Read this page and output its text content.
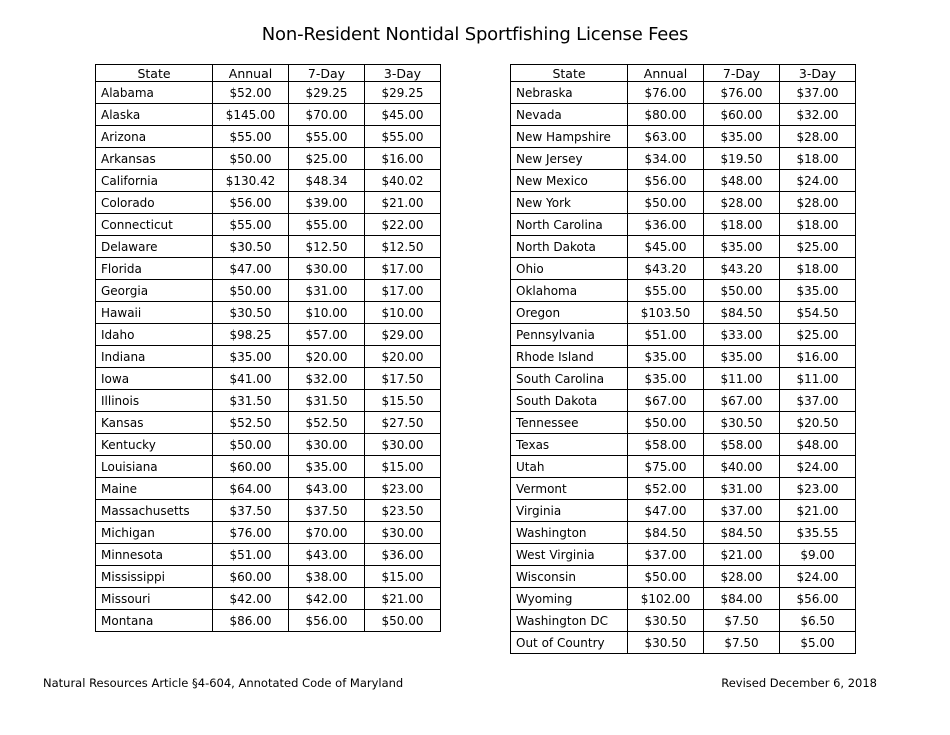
Non-Resident Nontidal Sportfishing License Fees
State	Annual	7-Day	3-Day
Alabama	$52.00	$29.25	$29.25
Alaska	$145.00	$70.00	$45.00
Arizona	$55.00	$55.00	$55.00
Arkansas	$50.00	$25.00	$16.00
California	$130.42	$48.34	$40.02
Colorado	$56.00	$39.00	$21.00
Connecticut	$55.00	$55.00	$22.00
Delaware	$30.50	$12.50	$12.50
Florida	$47.00	$30.00	$17.00
Georgia	$50.00	$31.00	$17.00
Hawaii	$30.50	$10.00	$10.00
Idaho	$98.25	$57.00	$29.00
Indiana	$35.00	$20.00	$20.00
Iowa	$41.00	$32.00	$17.50
Illinois	$31.50	$31.50	$15.50
Kansas	$52.50	$52.50	$27.50
Kentucky	$50.00	$30.00	$30.00
Louisiana	$60.00	$35.00	$15.00
Maine	$64.00	$43.00	$23.00
Massachusetts	$37.50	$37.50	$23.50
Michigan	$76.00	$70.00	$30.00
Minnesota	$51.00	$43.00	$36.00
Mississippi	$60.00	$38.00	$15.00
Missouri	$42.00	$42.00	$21.00
Montana	$86.00	$56.00	$50.00
State	Annual	7-Day	3-Day
Nebraska	$76.00	$76.00	$37.00
Nevada	$80.00	$60.00	$32.00
New Hampshire	$63.00	$35.00	$28.00
New Jersey	$34.00	$19.50	$18.00
New Mexico	$56.00	$48.00	$24.00
New York	$50.00	$28.00	$28.00
North Carolina	$36.00	$18.00	$18.00
North Dakota	$45.00	$35.00	$25.00
Ohio	$43.20	$43.20	$18.00
Oklahoma	$55.00	$50.00	$35.00
Oregon	$103.50	$84.50	$54.50
Pennsylvania	$51.00	$33.00	$25.00
Rhode Island	$35.00	$35.00	$16.00
South Carolina	$35.00	$11.00	$11.00
South Dakota	$67.00	$67.00	$37.00
Tennessee	$50.00	$30.50	$20.50
Texas	$58.00	$58.00	$48.00
Utah	$75.00	$40.00	$24.00
Vermont	$52.00	$31.00	$23.00
Virginia	$47.00	$37.00	$21.00
Washington	$84.50	$84.50	$35.55
West Virginia	$37.00	$21.00	$9.00
Wisconsin	$50.00	$28.00	$24.00
Wyoming	$102.00	$84.00	$56.00
Washington DC	$30.50	$7.50	$6.50
Out of Country	$30.50	$7.50	$5.00
Natural Resources Article §4-604, Annotated Code of Maryland	Revised December 6, 2018
